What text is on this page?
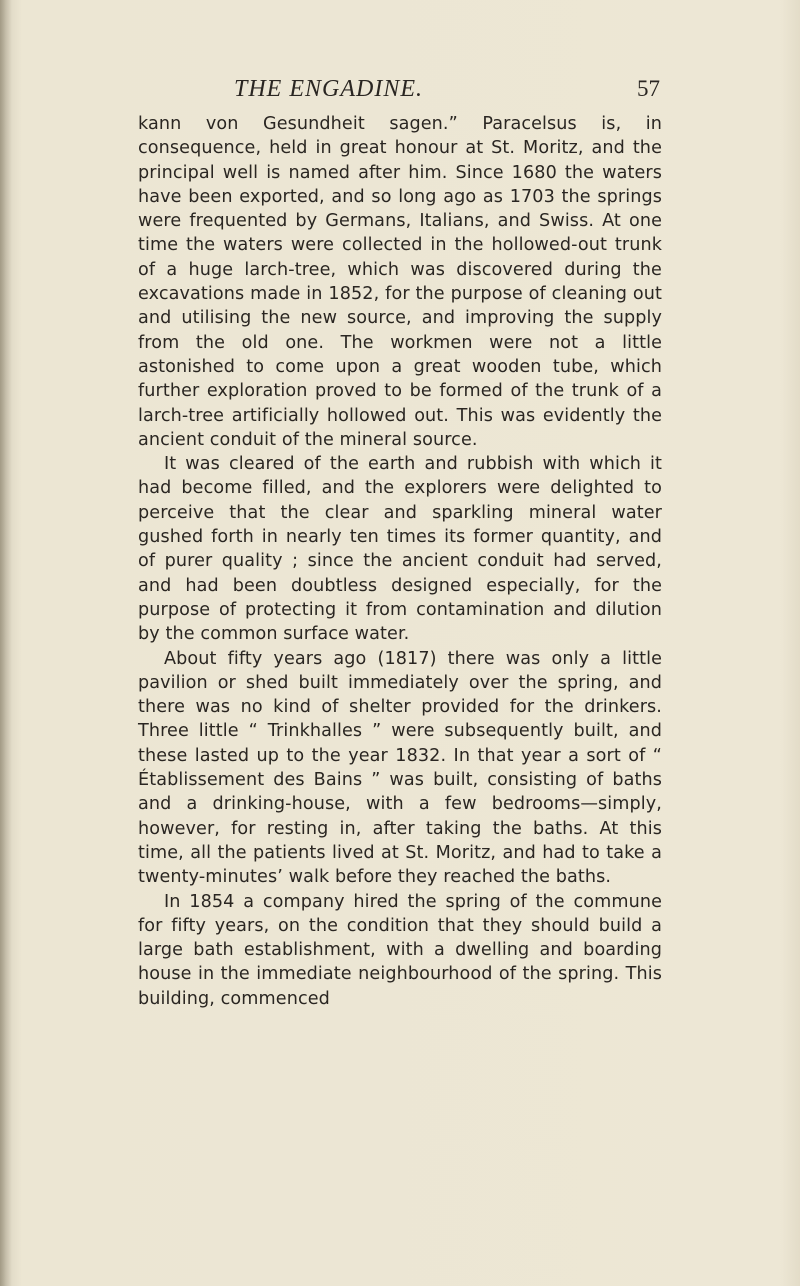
THE ENGADINE.	57

kann von Gesundheit sagen.” Paracelsus is, in consequence, held in great honour at St. Moritz, and the principal well is named after him. Since 1680 the waters have been exported, and so long ago as 1703 the springs were frequented by Germans, Italians, and Swiss. At one time the waters were collected in the hollowed-out trunk of a huge larch-tree, which was discovered during the excavations made in 1852, for the purpose of cleaning out and utilising the new source, and improving the supply from the old one. The workmen were not a little astonished to come upon a great wooden tube, which further exploration proved to be formed of the trunk of a larch-tree artificially hollowed out. This was evidently the ancient conduit of the mineral source.

It was cleared of the earth and rubbish with which it had become filled, and the explorers were delighted to perceive that the clear and sparkling mineral water gushed forth in nearly ten times its former quantity, and of purer quality ; since the ancient conduit had served, and had been doubtless designed especially, for the purpose of protecting it from contamination and dilution by the common surface water.

About fifty years ago (1817) there was only a little pavilion or shed built immediately over the spring, and there was no kind of shelter provided for the drinkers. Three little “ Trinkhalles ” were subsequently built, and these lasted up to the year 1832. In that year a sort of “ Établissement des Bains ” was built, consisting of baths and a drinking-house, with a few bedrooms—simply, however, for resting in, after taking the baths. At this time, all the patients lived at St. Moritz, and had to take a twenty-minutes’ walk before they reached the baths.

In 1854 a company hired the spring of the commune for fifty years, on the condition that they should build a large bath establishment, with a dwelling and boarding house in the immediate neighbourhood of the spring. This building, commenced
